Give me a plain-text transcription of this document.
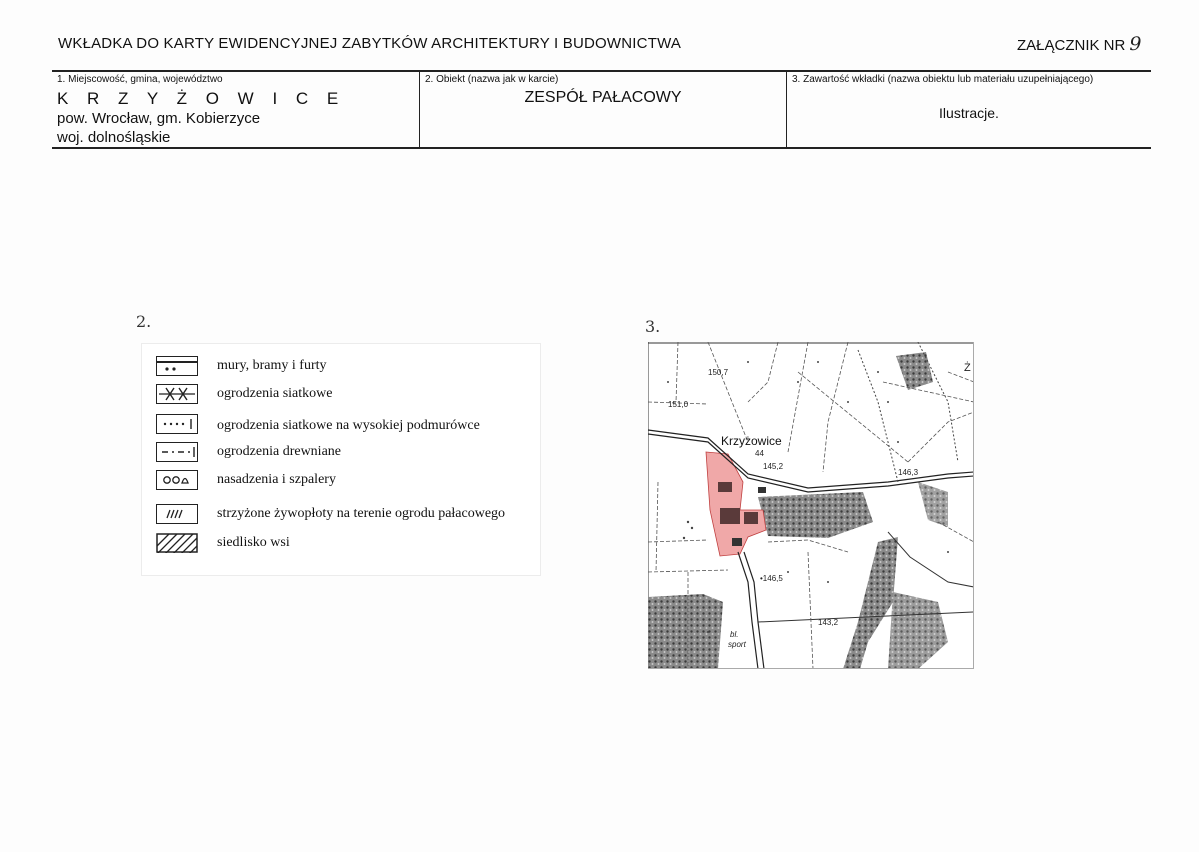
WKŁADKA DO KARTY EWIDENCYJNEJ ZABYTKÓW ARCHITEKTURY I BUDOWNICTWA	ZAŁĄCZNIK NR 9
1. Miejscowość, gmina, województwo
K R Z Y Ż O W I C E
pow. Wrocław, gm. Kobierzyce
woj. dolnośląskie
2. Obiekt (nazwa jak w karcie)
ZESPÓŁ PAŁACOWY
3. Zawartość wkładki (nazwa obiektu lub materiału uzupełniającego)
Ilustracje.
2.	3.
mury, bramy i furty
ogrodzenia siatkowe
ogrodzenia siatkowe na wysokiej podmurówce
ogrodzenia drewniane
nasadzenia i szpalery
strzyżone żywopłoty na terenie ogrodu pałacowego
siedlisko wsi
150,7
151,0
Krzyżowice
44
145,2
146,3
•146,5
143,2
Ż
bl.
sport
